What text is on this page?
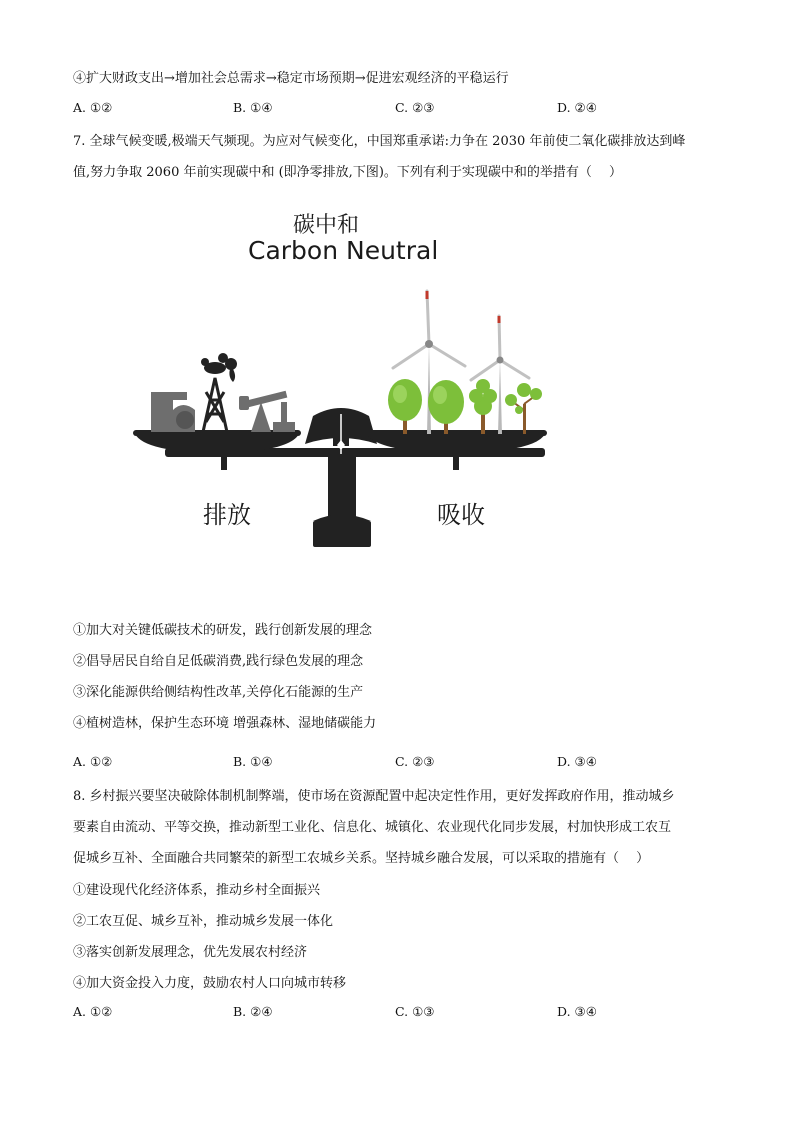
④扩大财政支出→增加社会总需求→稳定市场预期→促进宏观经济的平稳运行
A. ①②	B. ①④	C. ②③	D. ②④
7. 全球气候变暖,极端天气频现。为应对气候变化，中国郑重承诺:力争在 2030 年前使二氧化碳排放达到峰
值,努力争取 2060 年前实现碳中和 (即净零排放,下图)。下列有利于实现碳中和的举措有（　 ）
碳中和
Carbon Neutral
排放	吸收
①加大对关键低碳技术的研发，践行创新发展的理念
②倡导居民自给自足低碳消费,践行绿色发展的理念
③深化能源供给侧结构性改革,关停化石能源的生产
④植树造林，保护生态环境 增强森林、湿地储碳能力
A. ①②	B. ①④	C. ②③	D. ③④
8. 乡村振兴要坚决破除体制机制弊端，使市场在资源配置中起决定性作用，更好发挥政府作用，推动城乡
要素自由流动、平等交换，推动新型工业化、信息化、城镇化、农业现代化同步发展，村加快形成工农互
促城乡互补、全面融合共同繁荣的新型工农城乡关系。坚持城乡融合发展，可以采取的措施有（　 ）
①建设现代化经济体系，推动乡村全面振兴
②工农互促、城乡互补，推动城乡发展一体化
③落实创新发展理念，优先发展农村经济
④加大资金投入力度，鼓励农村人口向城市转移
A. ①②	B. ②④	C. ①③	D. ③④
